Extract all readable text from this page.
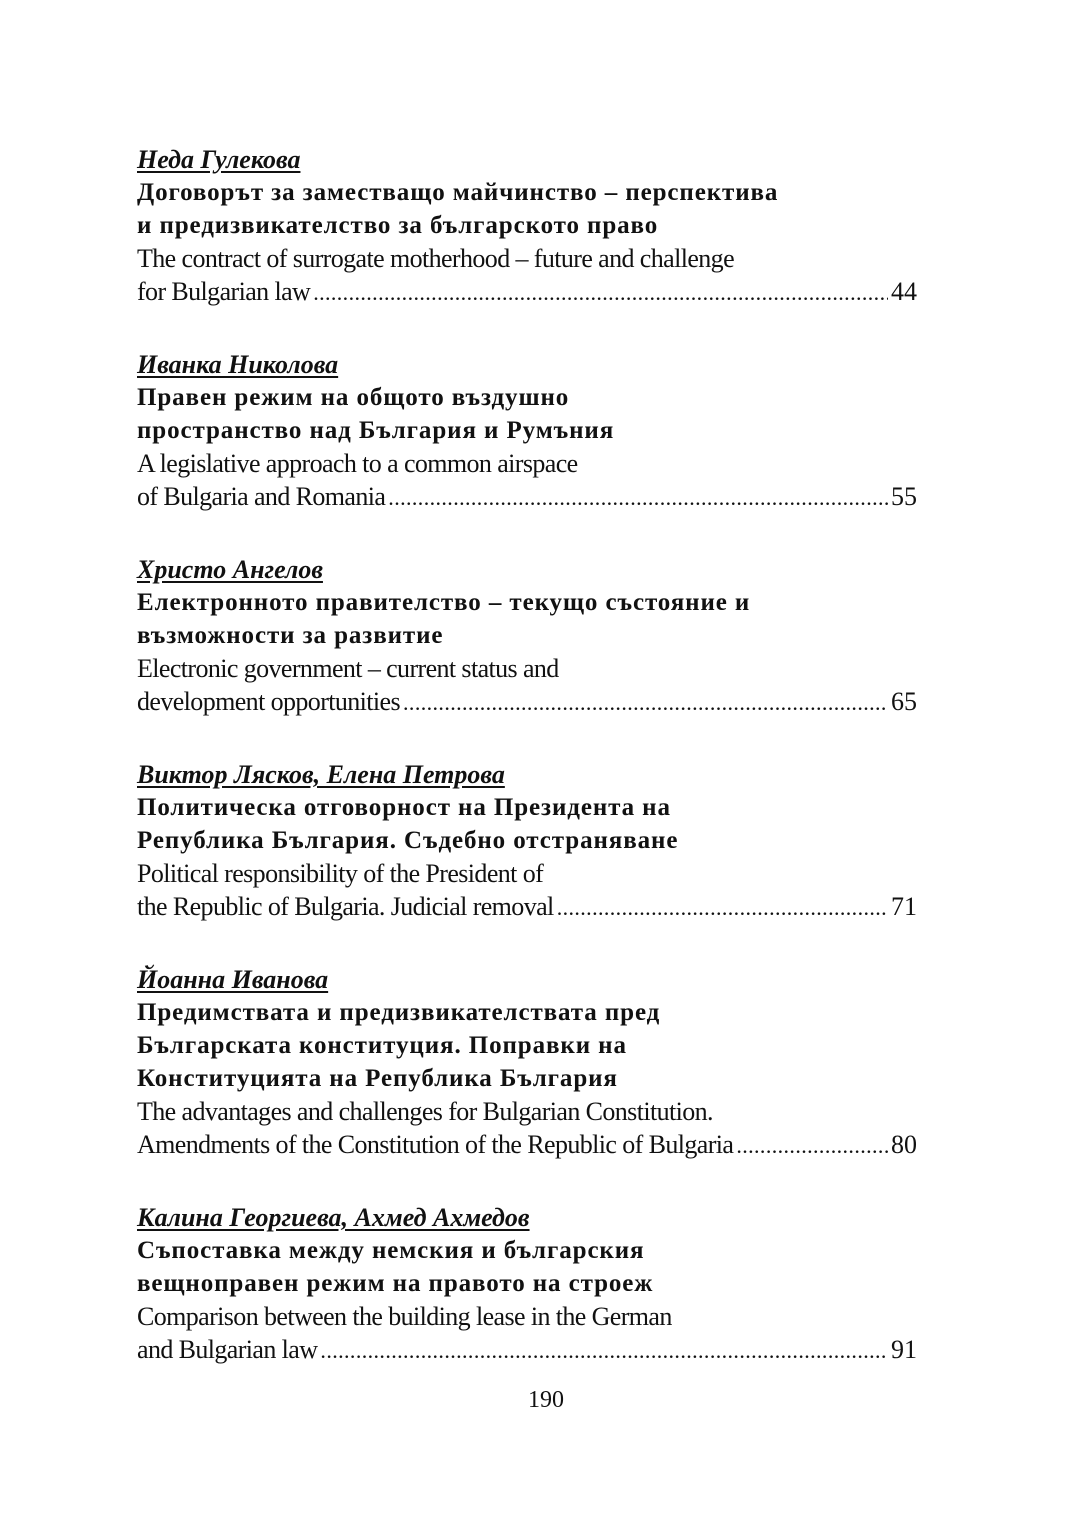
Неда Гулекова
Договорът за заместващо майчинство – перспектива
и предизвикателство за българското право
The contract of surrogate motherhood – future and challenge
for Bulgarian law .....	44
Иванка Николова
Правен режим на общото въздушно
пространство над България и Румъния
A legislative approach to a common airspace
of Bulgaria and Romania .....	55
Христо Ангелов
Електронното правителство – текущо състояние и
възможности за развитие
Electronic government – current status and
development opportunities .....	65
Виктор Лясков, Елена Петрова
Политическа отговорност на Президента на
Република България. Съдебно отстраняване
Political responsibility of the President of
the Republic of Bulgaria. Judicial removal .....	71
Йоанна Иванова
Предимствата и предизвикателствата пред
Българската конституция. Поправки на
Конституцията на Република България
The advantages and challenges for Bulgarian Constitution.
Amendments of the Constitution of the Republic of Bulgaria .....	80
Калина Георгиева, Ахмед Ахмедов
Съпоставка между немския и българския
вещноправен режим на правото на строеж
Comparison between the building lease in the German
and Bulgarian law .....	91
190
